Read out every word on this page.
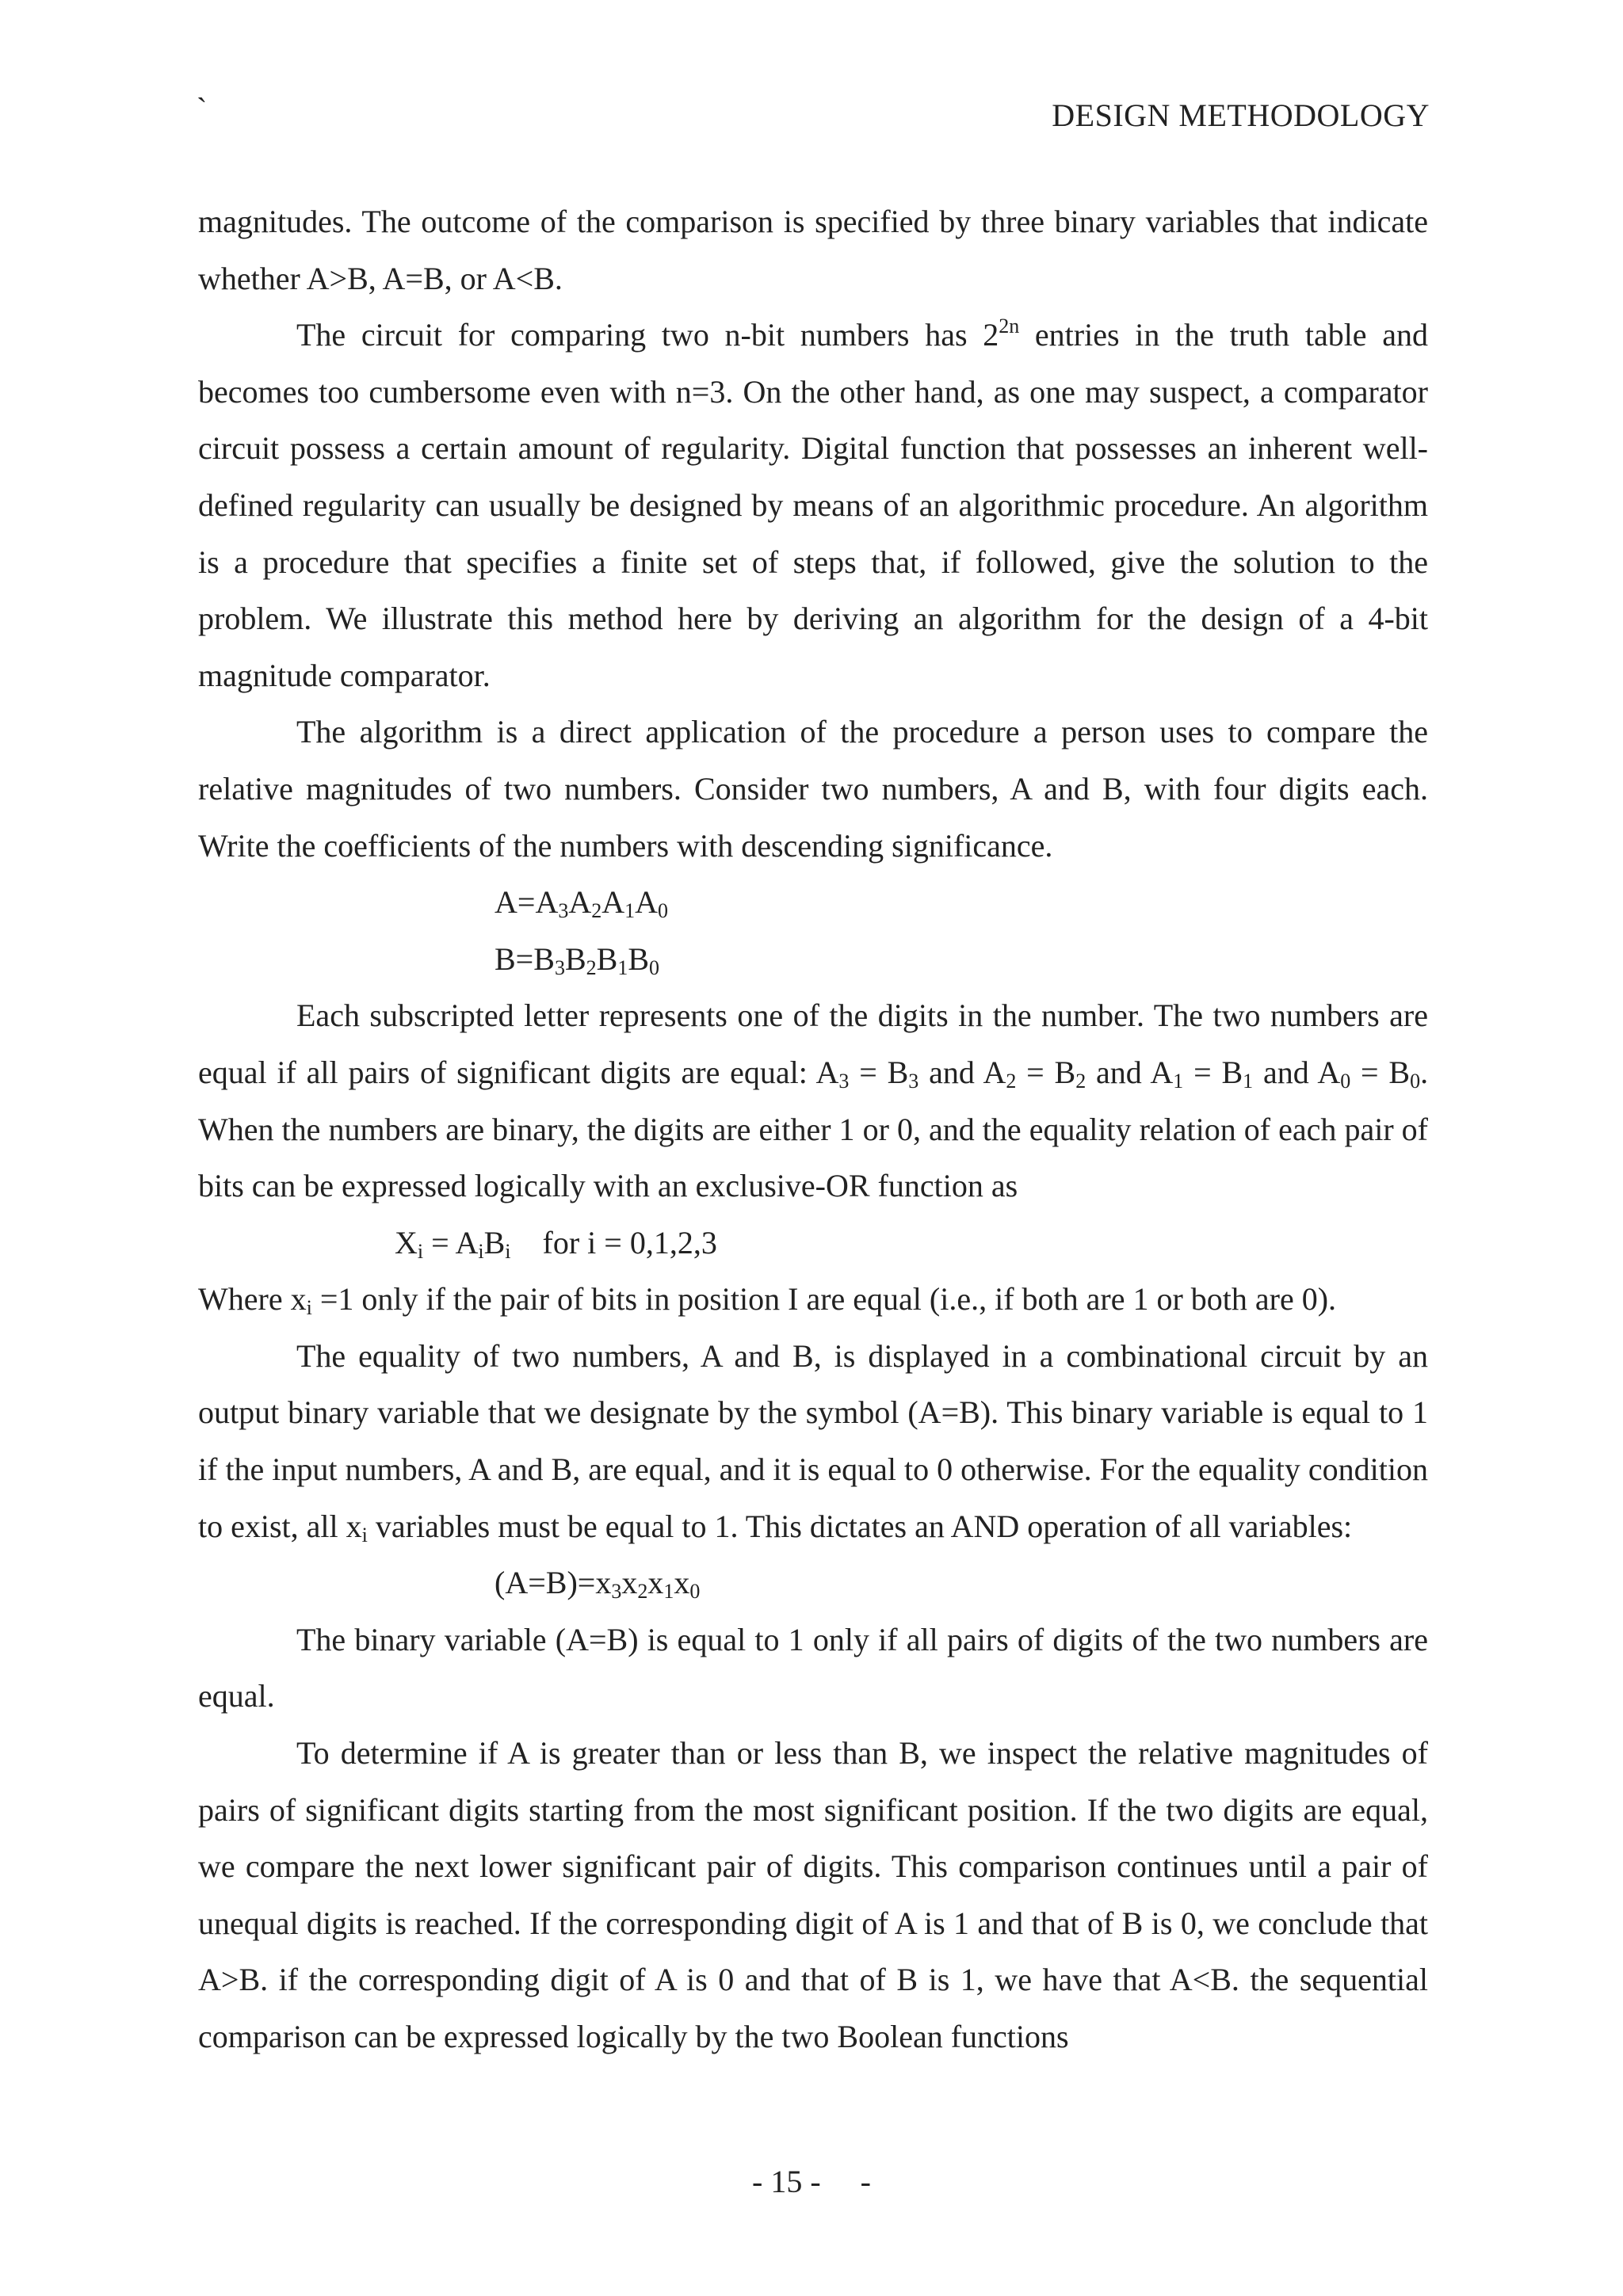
`	DESIGN METHODOLOGY

magnitudes. The outcome of the comparison is specified by three binary variables that indicate whether A>B, A=B, or A<B.

The circuit for comparing two n-bit numbers has $2^{2n}$ entries in the truth table and becomes too cumbersome even with n=3. On the other hand, as one may suspect, a comparator circuit possess a certain amount of regularity. Digital function that possesses an inherent well-defined regularity can usually be designed by means of an algorithmic procedure. An algorithm is a procedure that specifies a finite set of steps that, if followed, give the solution to the problem. We illustrate this method here by deriving an algorithm for the design of a 4-bit magnitude comparator.

The algorithm is a direct application of the procedure a person uses to compare the relative magnitudes of two numbers. Consider two numbers, A and B, with four digits each. Write the coefficients of the numbers with descending significance.

$A=A_3A_2A_1A_0$
$B=B_3B_2B_1B_0$

Each subscripted letter represents one of the digits in the number. The two numbers are equal if all pairs of significant digits are equal: $A_3 = B_3$ and $A_2 = B_2$ and $A_1 = B_1$ and $A_0 = B_0$. When the numbers are binary, the digits are either 1 or 0, and the equality relation of each pair of bits can be expressed logically with an exclusive-OR function as

$X_i = A_iB_i$    for i = 0,1,2,3

Where $x_i =1$ only if the pair of bits in position I are equal (i.e., if both are 1 or both are 0).

The equality of two numbers, A and B, is displayed in a combinational circuit by an output binary variable that we designate by the symbol (A=B). This binary variable is equal to 1 if the input numbers, A and B, are equal, and it is equal to 0 otherwise. For the equality condition to exist, all $x_i$ variables must be equal to 1. This dictates an AND operation of all variables:

$(A=B)=x_3x_2x_1x_0$

The binary variable (A=B) is equal to 1 only if all pairs of digits of the two numbers are equal.

To determine if A is greater than or less than B, we inspect the relative magnitudes of pairs of significant digits starting from the most significant position. If the two digits are equal, we compare the next lower significant pair of digits. This comparison continues until a pair of unequal digits is reached. If the corresponding digit of A is 1 and that of B is 0, we conclude that A>B. if the corresponding digit of A is 0 and that of B is 1, we have that A<B. the sequential comparison can be expressed logically by the two Boolean functions

- 15 -     -
